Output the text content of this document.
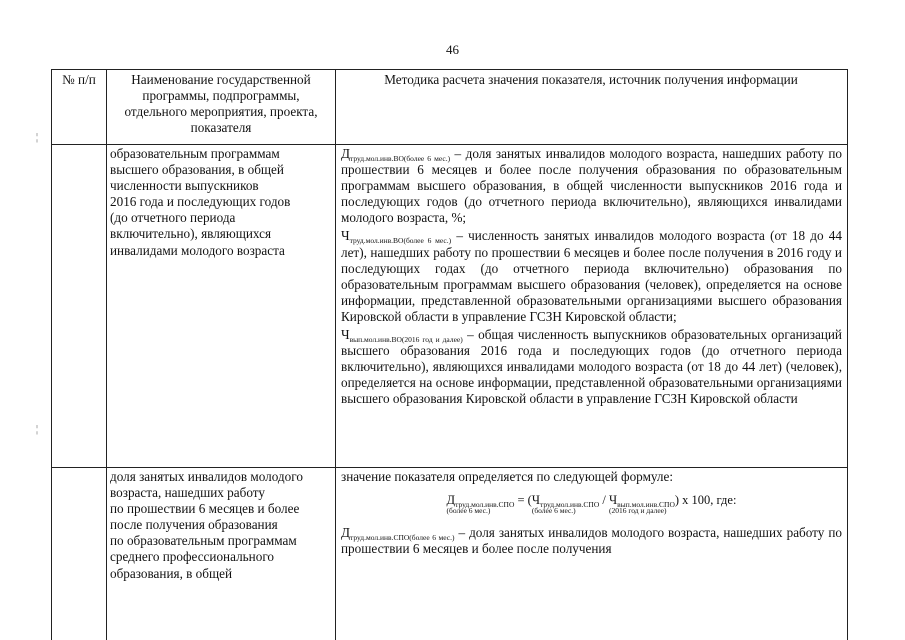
46
¦
¦
№ п/п	Наименование государственной программы, подпрограммы, отдельного мероприятия, проекта, показателя
Методика расчета значения показателя, источник получения информации
образовательным программам
высшего образования, в общей
численности выпускников
2016 года и последующих годов
(до отчетного периода
включительно), являющихся
инвалидами молодого возраста
$Д_{труд.мол.инв.ВО(более 6 мес.)}$ – доля занятых инвалидов молодого возраста, нашедших работу по прошествии 6 месяцев и более после получения образования по образовательным программам высшего образования, в общей численности выпускников 2016 года и последующих годов (до отчетного периода включительно), являющихся инвалидами молодого возраста, %;
$Ч_{труд.мол.инв.ВО(более 6 мес.)}$ – численность занятых инвалидов молодого возраста (от 18 до 44 лет), нашедших работу по прошествии 6 месяцев и более после получения в 2016 году и последующих годах (до отчетного периода включительно) образования по образовательным программам высшего образования (человек), определяется на основе информации, представленной образовательными организациями высшего образования Кировской области в управление ГСЗН Кировской области;
$Ч_{вып.мол.инв.ВО(2016 год и далее)}$ – общая численность выпускников образовательных организаций высшего образования 2016 года и последующих годов (до отчетного периода включительно), являющихся инвалидами молодого возраста (от 18 до 44 лет) (человек), определяется на основе информации, представленной образовательными организациями высшего образования Кировской области в управление ГСЗН Кировской области
доля занятых инвалидов молодого
возраста, нашедших работу
по прошествии 6 месяцев и более
после получения образования
по образовательным программам
среднего профессионального
образования, в общей
значение показателя определяется по следующей формуле:
$Д_{труд.мол.инв.СПО}$
(более 6 мес.)
= ($Ч_{труд.мол.инв.СПО}$
(более 6 мес.)
/ $Ч_{вып.мол.инв.СПО}$
(2016 год и далее)
) х 100, где:
$Д_{труд.мол.инв.СПО(более 6 мес.)}$ – доля занятых инвалидов молодого возраста, нашедших работу по прошествии 6 месяцев и более после получения
